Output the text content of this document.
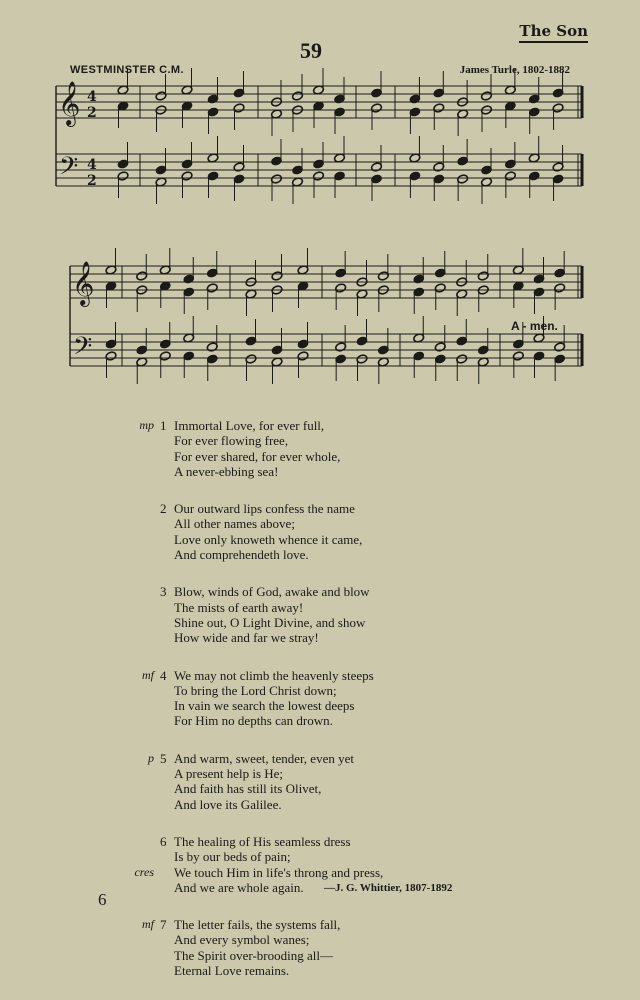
The Son
59
WESTMINSTER C.M.	James Turle, 1802-1882
𝄞
𝄢
4
2
4
2
𝄞
𝄢
A - men.
mp 1 Immortal Love, for ever full,
For ever flowing free,
For ever shared, for ever whole,
A never-ebbing sea!
2 Our outward lips confess the name
All other names above;
Love only knoweth whence it came,
And comprehendeth love.
3 Blow, winds of God, awake and blow
The mists of earth away!
Shine out, O Light Divine, and show
How wide and far we stray!
mf 4 We may not climb the heavenly steeps
To bring the Lord Christ down;
In vain we search the lowest deeps
For Him no depths can drown.
p 5 And warm, sweet, tender, even yet
A present help is He;
And faith has still its Olivet,
And love its Galilee.
6 The healing of His seamless dress
Is by our beds of pain;
cres We touch Him in life's throng and press,
And we are whole again.
mf 7 The letter fails, the systems fall,
And every symbol wanes;
The Spirit over-brooding all—
Eternal Love remains.
—J. G. Whittier, 1807-1892
6
